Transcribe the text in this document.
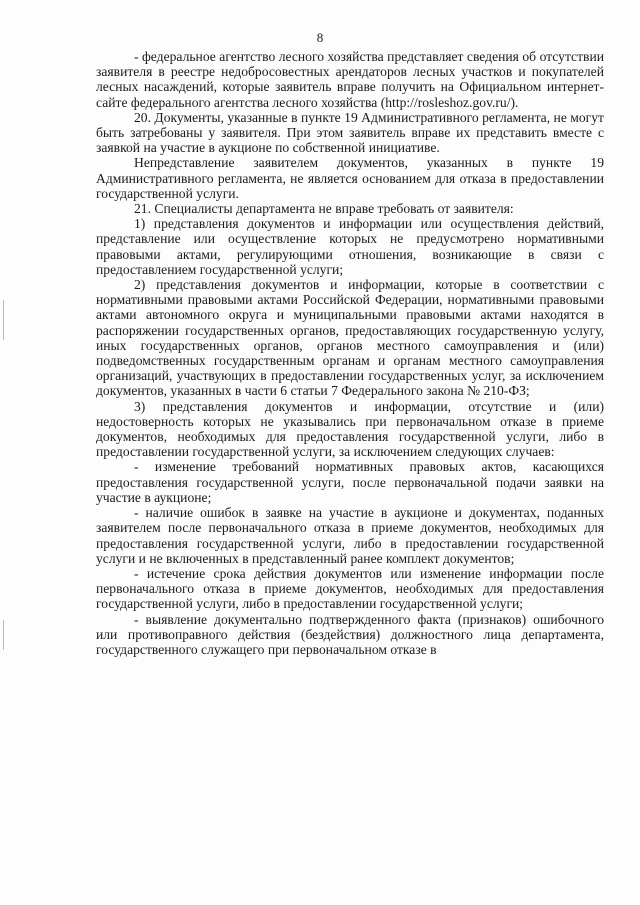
8

- федеральное агентство лесного хозяйства представляет сведения об отсутствии заявителя в реестре недобросовестных арендаторов лесных участков и покупателей лесных насаждений, которые заявитель вправе получить на Официальном интернет-сайте федерального агентства лесного хозяйства (http://rosleshoz.gov.ru/).

20. Документы, указанные в пункте 19 Административного регламента, не могут быть затребованы у заявителя. При этом заявитель вправе их представить вместе с заявкой на участие в аукционе по собственной инициативе.

Непредставление заявителем документов, указанных в пункте 19 Административного регламента, не является основанием для отказа в предоставлении государственной услуги.

21. Специалисты департамента не вправе требовать от заявителя:

1) представления документов и информации или осуществления действий, представление или осуществление которых не предусмотрено нормативными правовыми актами, регулирующими отношения, возникающие в связи с предоставлением государственной услуги;

2) представления документов и информации, которые в соответствии с нормативными правовыми актами Российской Федерации, нормативными правовыми актами автономного округа и муниципальными правовыми актами находятся в распоряжении государственных органов, предоставляющих государственную услугу, иных государственных органов, органов местного самоуправления и (или) подведомственных государственным органам и органам местного самоуправления организаций, участвующих в предоставлении государственных услуг, за исключением документов, указанных в части 6 статьи 7 Федерального закона № 210-ФЗ;

3) представления документов и информации, отсутствие и (или) недостоверность которых не указывались при первоначальном отказе в приеме документов, необходимых для предоставления государственной услуги, либо в предоставлении государственной услуги, за исключением следующих случаев:

- изменение требований нормативных правовых актов, касающихся предоставления государственной услуги, после первоначальной подачи заявки на участие в аукционе;

- наличие ошибок в заявке на участие в аукционе и документах, поданных заявителем после первоначального отказа в приеме документов, необходимых для предоставления государственной услуги, либо в предоставлении государственной услуги и не включенных в представленный ранее комплект документов;

- истечение срока действия документов или изменение информации после первоначального отказа в приеме документов, необходимых для предоставления государственной услуги, либо в предоставлении государственной услуги;

- выявление документально подтвержденного факта (признаков) ошибочного или противоправного действия (бездействия) должностного лица департамента, государственного служащего при первоначальном отказе в
